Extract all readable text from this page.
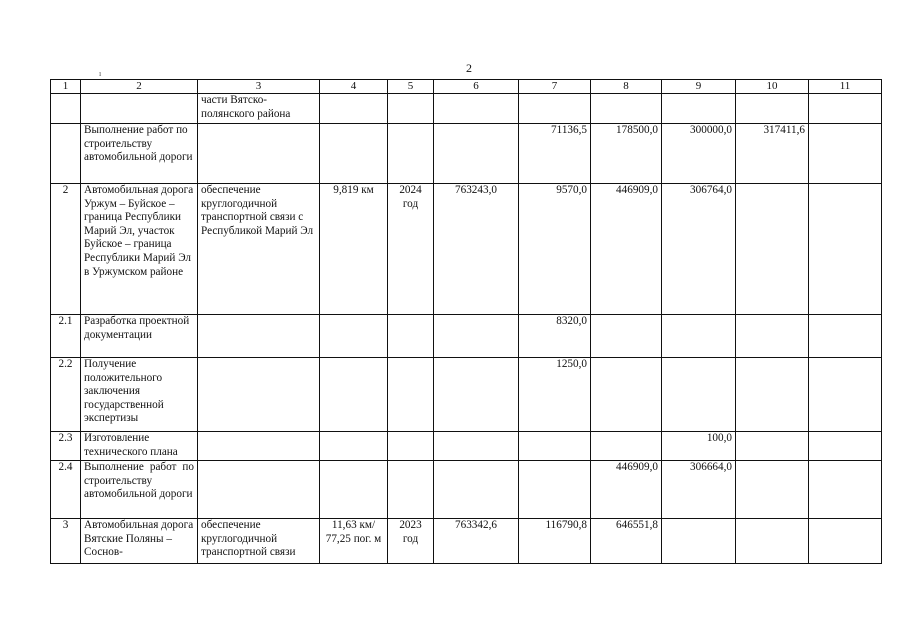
2
ı
1	2	3	4	5	6	7	8	9	10	11
		части Вятско-полянского района								
	Выполнение работ по строительству автомобильной дороги					71136,5	178500,0	300000,0	317411,6	
2	Автомобильная дорога Уржум – Буйское – граница Республики Марий Эл, участок Буйское – граница Республики Марий Эл в Уржумском районе	обеспечение круглогодичной транспортной связи с Республикой Марий Эл	9,819 км	2024 год	763243,0	9570,0	446909,0	306764,0		
2.1	Разработка проектной документации					8320,0				
2.2	Получение положительного заключения государственной экспертизы					1250,0				
2.3	Изготовление технического плана							100,0		
2.4	Выполнение работ по строительству автомобильной дороги						446909,0	306664,0		
3	Автомобильная дорога Вятские Поляны – Соснов-	обеспечение круглогодичной транспортной связи	11,63 км/ 77,25 пог. м	2023 год	763342,6	116790,8	646551,8			
